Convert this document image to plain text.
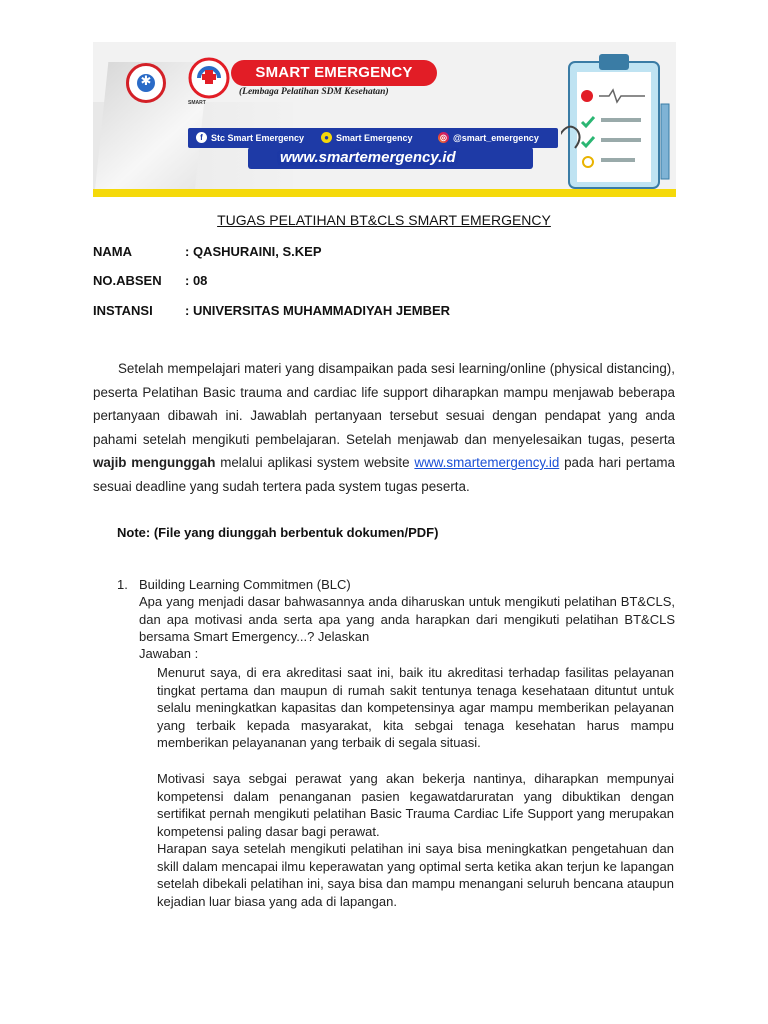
✱
SMART
SMART EMERGENCY
(Lembaga Pelatihan SDM Kesehatan)
f Stc Smart Emergency	● Smart Emergency	◎ @smart_emergency
www.smartemergency.id
TUGAS PELATIHAN BT&CLS SMART EMERGENCY
NAMA	: QASHURAINI, S.KEP
NO.ABSEN : 08
INSTANSI : UNIVERSITAS MUHAMMADIYAH JEMBER

Setelah mempelajari materi yang disampaikan pada sesi learning/online (physical distancing), peserta Pelatihan Basic trauma and cardiac life support diharapkan mampu menjawab beberapa pertanyaan dibawah ini. Jawablah pertanyaan tersebut sesuai dengan pendapat yang anda pahami setelah mengikuti pembelajaran. Setelah menjawab dan menyelesaikan tugas, peserta wajib mengunggah melalui aplikasi system website www.smartemergency.id pada hari pertama sesuai deadline yang sudah tertera pada system tugas peserta.

Note: (File yang diunggah berbentuk dokumen/PDF)
1. Building Learning Commitmen (BLC)

Apa yang menjadi dasar bahwasannya anda diharuskan untuk mengikuti pelatihan BT&CLS, dan apa motivasi anda serta apa yang anda harapkan dari mengikuti pelatihan BT&CLS bersama Smart Emergency...? Jelaskan

Jawaban :

Menurut saya, di era akreditasi saat ini, baik itu akreditasi terhadap fasilitas pelayanan tingkat pertama dan maupun di rumah sakit tentunya tenaga kesehataan dituntut untuk selalu meningkatkan kapasitas dan kompetensinya agar mampu memberikan pelayanan yang terbaik kepada masyarakat, kita sebgai tenaga kesehatan harus mampu memberikan pelayananan yang terbaik di segala situasi.

Motivasi saya sebgai perawat yang akan bekerja nantinya, diharapkan mempunyai kompetensi dalam penanganan pasien kegawatdaruratan yang dibuktikan dengan sertifikat pernah mengikuti pelatihan Basic Trauma Cardiac Life Support yang merupakan kompetensi paling dasar bagi perawat.

Harapan saya setelah mengikuti pelatihan ini saya bisa meningkatkan pengetahuan dan skill dalam mencapai ilmu keperawatan yang optimal serta ketika akan terjun ke lapangan setelah dibekali pelatihan ini, saya bisa dan mampu menangani seluruh bencana ataupun kejadian luar biasa yang ada di lapangan.
